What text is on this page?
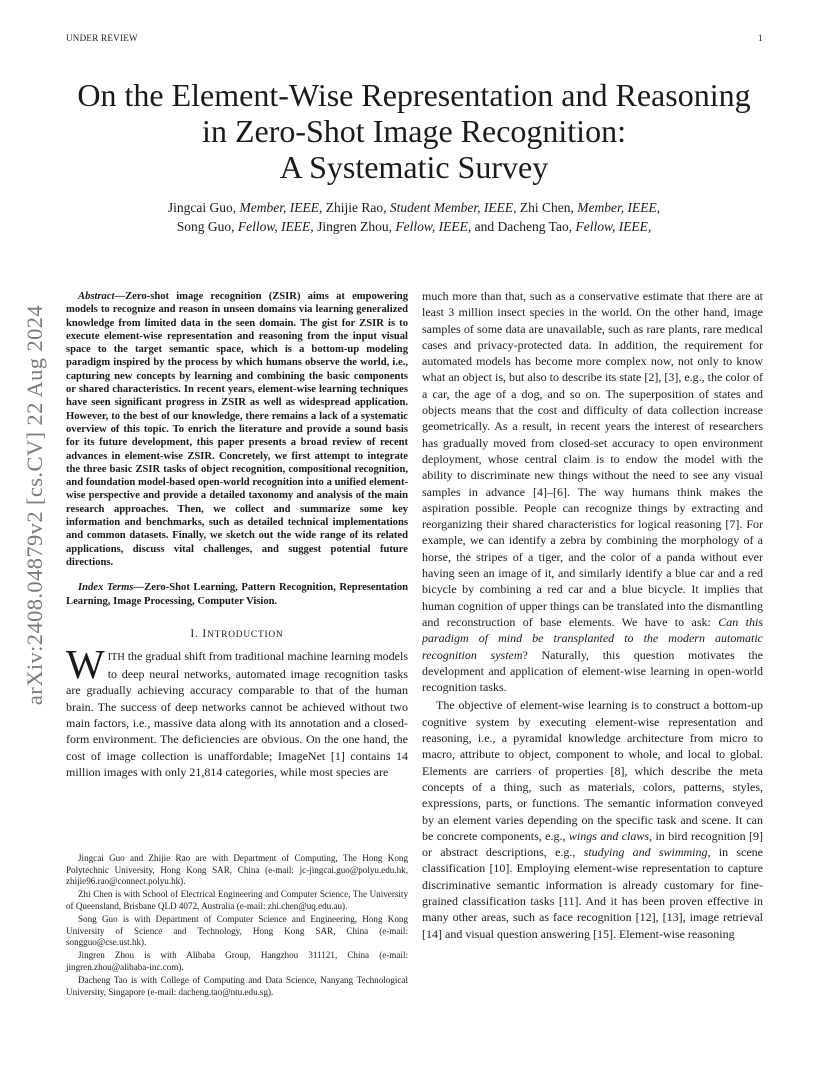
UNDER REVIEW	1
arXiv:2408.04879v2 [cs.CV] 22 Aug 2024
On the Element-Wise Representation and Reasoning
in Zero-Shot Image Recognition:
A Systematic Survey
Jingcai Guo, Member, IEEE, Zhijie Rao, Student Member, IEEE, Zhi Chen, Member, IEEE,
Song Guo, Fellow, IEEE, Jingren Zhou, Fellow, IEEE, and Dacheng Tao, Fellow, IEEE,

Abstract—Zero-shot image recognition (ZSIR) aims at empowering models to recognize and reason in unseen domains via learning generalized knowledge from limited data in the seen domain. The gist for ZSIR is to execute element-wise representation and reasoning from the input visual space to the target semantic space, which is a bottom-up modeling paradigm inspired by the process by which humans observe the world, i.e., capturing new concepts by learning and combining the basic components or shared characteristics. In recent years, element-wise learning techniques have seen significant progress in ZSIR as well as widespread application. However, to the best of our knowledge, there remains a lack of a systematic overview of this topic. To enrich the literature and provide a sound basis for its future development, this paper presents a broad review of recent advances in element-wise ZSIR. Concretely, we first attempt to integrate the three basic ZSIR tasks of object recognition, compositional recognition, and foundation model-based open-world recognition into a unified element-wise perspective and provide a detailed taxonomy and analysis of the main research approaches. Then, we collect and summarize some key information and benchmarks, such as detailed technical implementations and common datasets. Finally, we sketch out the wide range of its related applications, discuss vital challenges, and suggest potential future directions.

Index Terms—Zero-Shot Learning, Pattern Recognition, Representation Learning, Image Processing, Computer Vision.

I. INTRODUCTION

WITH the gradual shift from traditional machine learning models to deep neural networks, automated image recognition tasks are gradually achieving accuracy comparable to that of the human brain. The success of deep networks cannot be achieved without two main factors, i.e., massive data along with its annotation and a closed-form environment. The deficiencies are obvious. On the one hand, the cost of image collection is unaffordable; ImageNet [1] contains 14 million images with only 21,814 categories, while most species are

much more than that, such as a conservative estimate that there are at least 3 million insect species in the world. On the other hand, image samples of some data are unavailable, such as rare plants, rare medical cases and privacy-protected data. In addition, the requirement for automated models has become more complex now, not only to know what an object is, but also to describe its state [2], [3], e.g., the color of a car, the age of a dog, and so on. The superposition of states and objects means that the cost and difficulty of data collection increase geometrically. As a result, in recent years the interest of researchers has gradually moved from closed-set accuracy to open environment deployment, whose central claim is to endow the model with the ability to discriminate new things without the need to see any visual samples in advance [4]–[6]. The way humans think makes the aspiration possible. People can recognize things by extracting and reorganizing their shared characteristics for logical reasoning [7]. For example, we can identify a zebra by combining the morphology of a horse, the stripes of a tiger, and the color of a panda without ever having seen an image of it, and similarly identify a blue car and a red bicycle by combining a red car and a blue bicycle. It implies that human cognition of upper things can be translated into the dismantling and reconstruction of base elements. We have to ask: Can this paradigm of mind be transplanted to the modern automatic recognition system? Naturally, this question motivates the development and application of element-wise learning in open-world recognition tasks.

The objective of element-wise learning is to construct a bottom-up cognitive system by executing element-wise representation and reasoning, i.e., a pyramidal knowledge architecture from micro to macro, attribute to object, component to whole, and local to global. Elements are carriers of properties [8], which describe the meta concepts of a thing, such as materials, colors, patterns, styles, expressions, parts, or functions. The semantic information conveyed by an element varies depending on the specific task and scene. It can be concrete components, e.g., wings and claws, in bird recognition [9] or abstract descriptions, e.g., studying and swimming, in scene classification [10]. Employing element-wise representation to capture discriminative semantic information is already customary for fine-grained classification tasks [11]. And it has been proven effective in many other areas, such as face recognition [12], [13], image retrieval [14] and visual question answering [15]. Element-wise reasoning

Jingcai Guo and Zhijie Rao are with Department of Computing, The Hong Kong Polytechnic University, Hong Kong SAR, China (e-mail: jc-jingcai.guo@polyu.edu.hk, zhijie96.rao@connect.polyu.hk).

Zhi Chen is with School of Electrical Engineering and Computer Science, The University of Queensland, Brisbane QLD 4072, Australia (e-mail: zhi.chen@uq.edu.au).

Song Guo is with Department of Computer Science and Engineering, Hong Kong University of Science and Technology, Hong Kong SAR, China (e-mail: songguo@cse.ust.hk).

Jingren Zhou is with Alibaba Group, Hangzhou 311121, China (e-mail: jingren.zhou@alibaba-inc.com).

Dacheng Tao is with College of Computing and Data Science, Nanyang Technological University, Singapore (e-mail: dacheng.tao@ntu.edu.sg).
